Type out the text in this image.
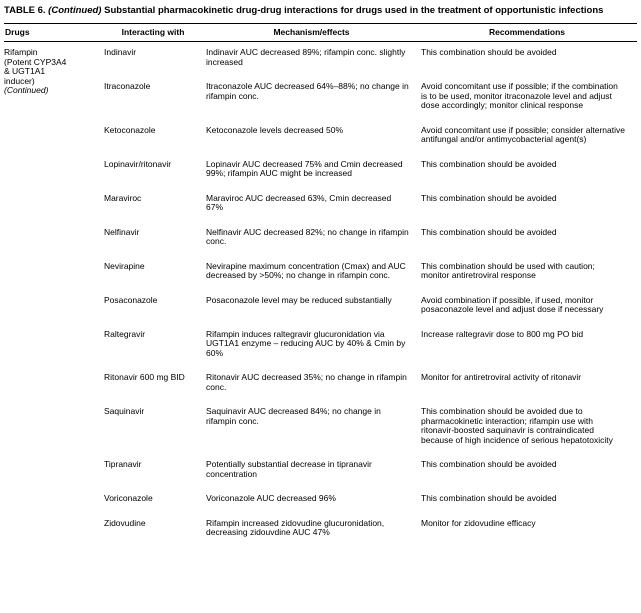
TABLE 6. (Continued) Substantial pharmacokinetic drug-drug interactions for drugs used in the treatment of opportunistic infections
Drugs	Interacting with	Mechanism/effects	Recommendations

Rifampin
(Potent CYP3A4
& UGT1A1
inducer)
(Continued)	Indinavir	Indinavir AUC decreased 89%; rifampin conc. slightly increased	This combination should be avoided
	Itraconazole	Itraconazole AUC decreased 64%–88%; no change in rifampin conc.	Avoid concomitant use if possible; if the combination is to be used, monitor itraconazole level and adjust dose accordingly; monitor clinical response
	Ketoconazole	Ketoconazole levels decreased 50%	Avoid concomitant use if possible; consider alternative antifungal and/or antimycobacterial agent(s)
	Lopinavir/ritonavir	Lopinavir AUC decreased 75% and Cmin decreased 99%; rifampin AUC might be increased	This combination should be avoided
	Maraviroc	Maraviroc AUC decreased 63%, Cmin decreased 67%	This combination should be avoided
	Nelfinavir	Nelfinavir AUC decreased 82%; no change in rifampin conc.	This combination should be avoided
	Nevirapine	Nevirapine maximum concentration (Cmax) and AUC decreased by >50%; no change in rifampin conc.	This combination should be used with caution; monitor antiretroviral response
	Posaconazole	Posaconazole level may be reduced substantially	Avoid combination if possible, if used, monitor posaconazole level and adjust dose if necessary
	Raltegravir	Rifampin induces raltegravir glucuronidation via UGT1A1 enzyme – reducing AUC by 40% & Cmin by 60%	Increase raltegravir dose to 800 mg PO bid
	Ritonavir 600 mg BID	Ritonavir AUC decreased 35%; no change in rifampin conc.	Monitor for antiretroviral activity of ritonavir
	Saquinavir	Saquinavir AUC decreased 84%; no change in rifampin conc.	This combination should be avoided due to pharmacokinetic interaction; rifampin use with ritonavir-boosted saquinavir is contraindicated because of high incidence of serious hepatotoxicity
	Tipranavir	Potentially substantial decrease in tipranavir concentration	This combination should be avoided
	Voriconazole	Voriconazole AUC decreased 96%	This combination should be avoided
	Zidovudine	Rifampin increased zidovudine glucuronidation, decreasing zidouvdine AUC 47%	Monitor for zidovudine efficacy
